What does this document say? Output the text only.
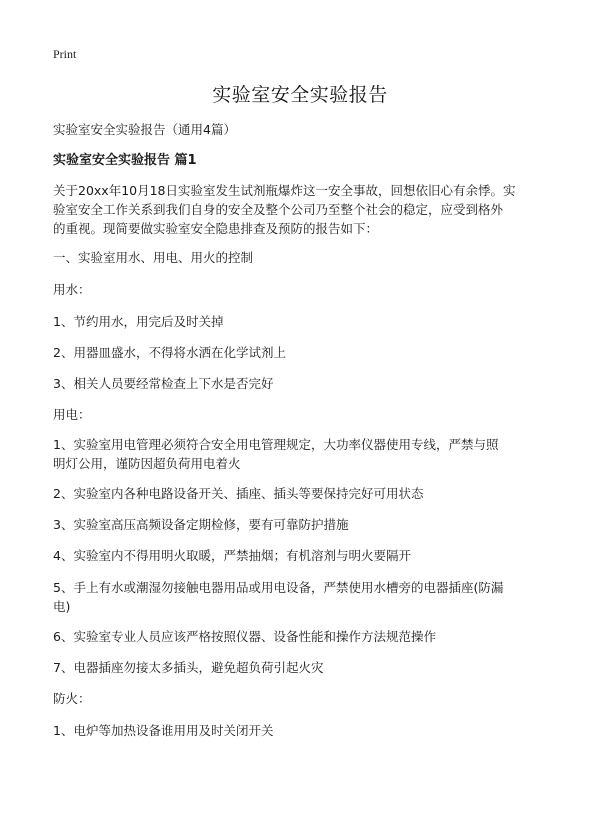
Print
实验室安全实验报告
实验室安全实验报告（通用4篇）
实验室安全实验报告 篇1
关于20xx年10月18日实验室发生试剂瓶爆炸这一安全事故，回想依旧心有余悸。实
验室安全工作关系到我们自身的安全及整个公司乃至整个社会的稳定，应受到格外
的重视。现简要做实验室安全隐患排查及预防的报告如下：
一、实验室用水、用电、用火的控制
用水：
1、节约用水，用完后及时关掉
2、用器皿盛水，不得将水洒在化学试剂上
3、相关人员要经常检查上下水是否完好
用电：
1、实验室用电管理必须符合安全用电管理规定，大功率仪器使用专线，严禁与照
明灯公用，谨防因超负荷用电着火
2、实验室内各种电路设备开关、插座、插头等要保持完好可用状态
3、实验室高压高频设备定期检修，要有可靠防护措施
4、实验室内不得用明火取暖，严禁抽烟；有机溶剂与明火要隔开
5、手上有水或潮湿勿接触电器用品或用电设备，严禁使用水槽旁的电器插座(防漏
电)
6、实验室专业人员应该严格按照仪器、设备性能和操作方法规范操作
7、电器插座勿接太多插头，避免超负荷引起火灾
防火：
1、电炉等加热设备谁用用及时关闭开关
